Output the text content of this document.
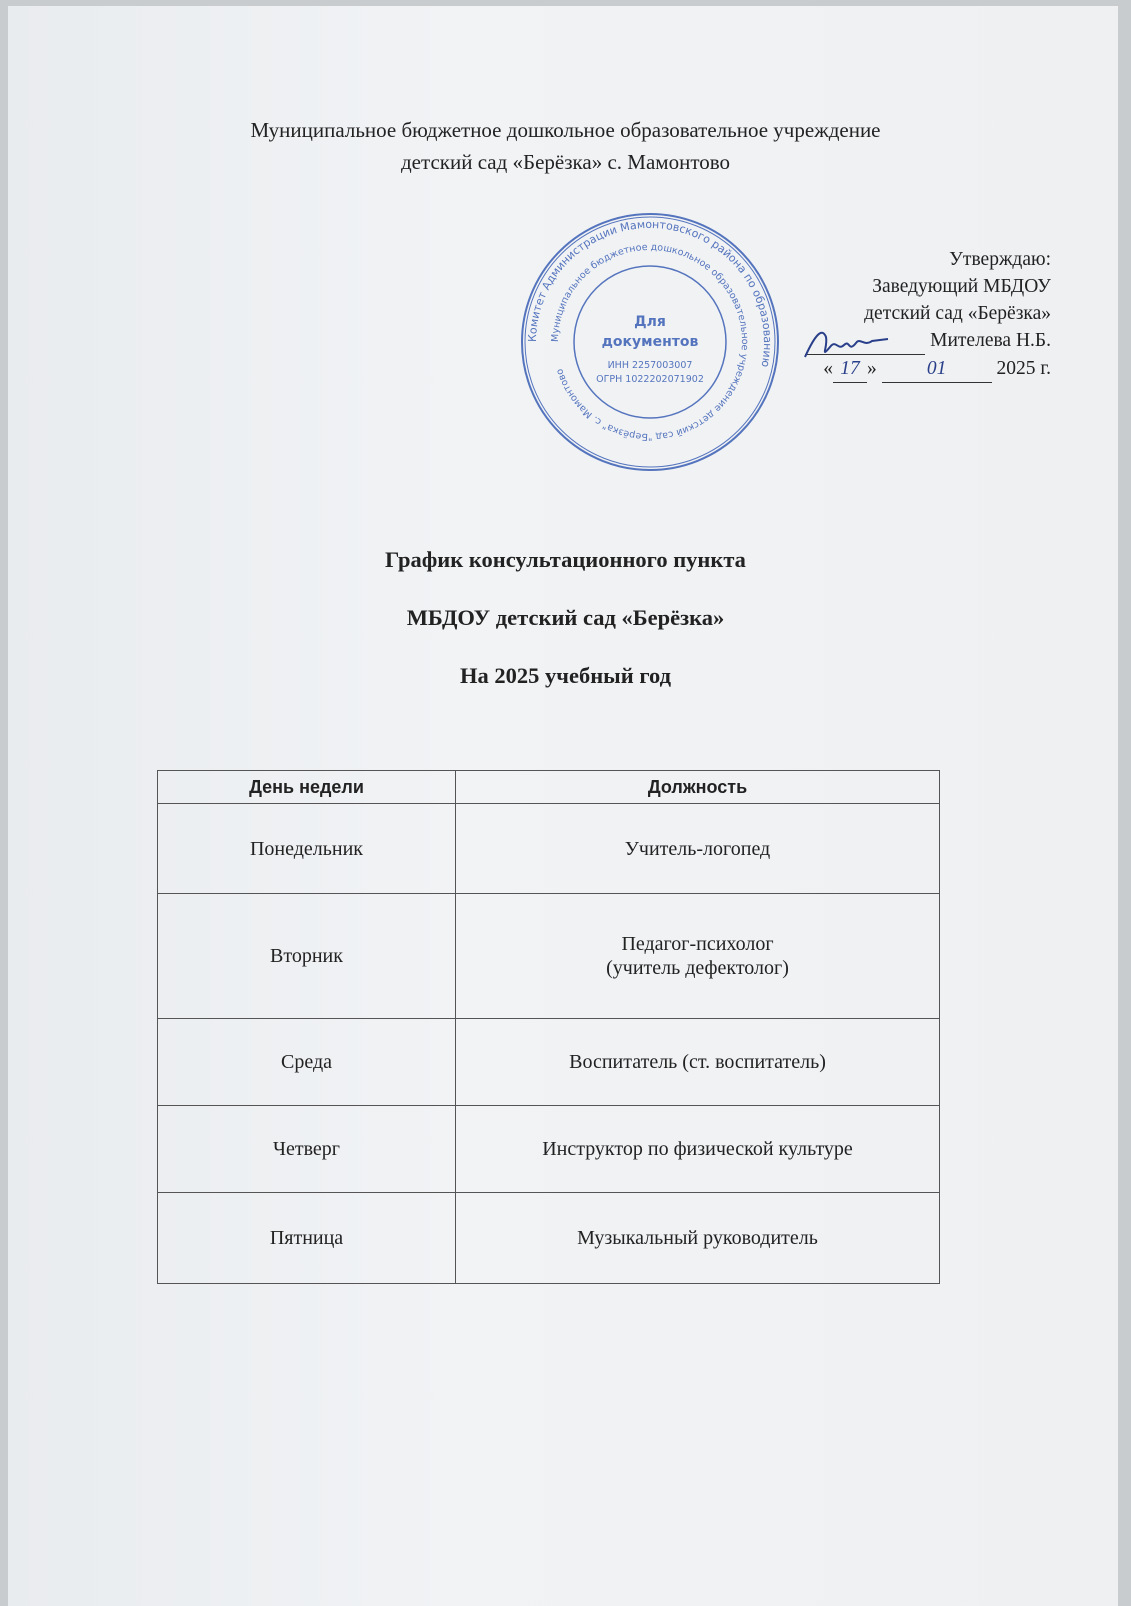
Муниципальное бюджетное дошкольное образовательное учреждение
детский сад «Берёзка» с. Мамонтово
Комитет Администрации Мамонтовского района по образованию
Муниципальное бюджетное дошкольное образовательное учреждение детский сад "Берёзка" с. Мамонтово
Для
документов
ИНН 2257003007
ОГРН 1022202071902
Утверждаю:
Заведующий МБДОУ
детский сад «Берёзка»
Мителева Н.Б.
« 17 » 01	2025 г.
График консультационного пункта
МБДОУ детский сад «Берёзка»
На 2025 учебный год
День недели	Должность
Понедельник	Учитель-логопед
Вторник	Педагог-психолог
(учитель дефектолог)

Среда	Воспитатель (ст. воспитатель)
Четверг	Инструктор по физической культуре
Пятница	Музыкальный руководитель
